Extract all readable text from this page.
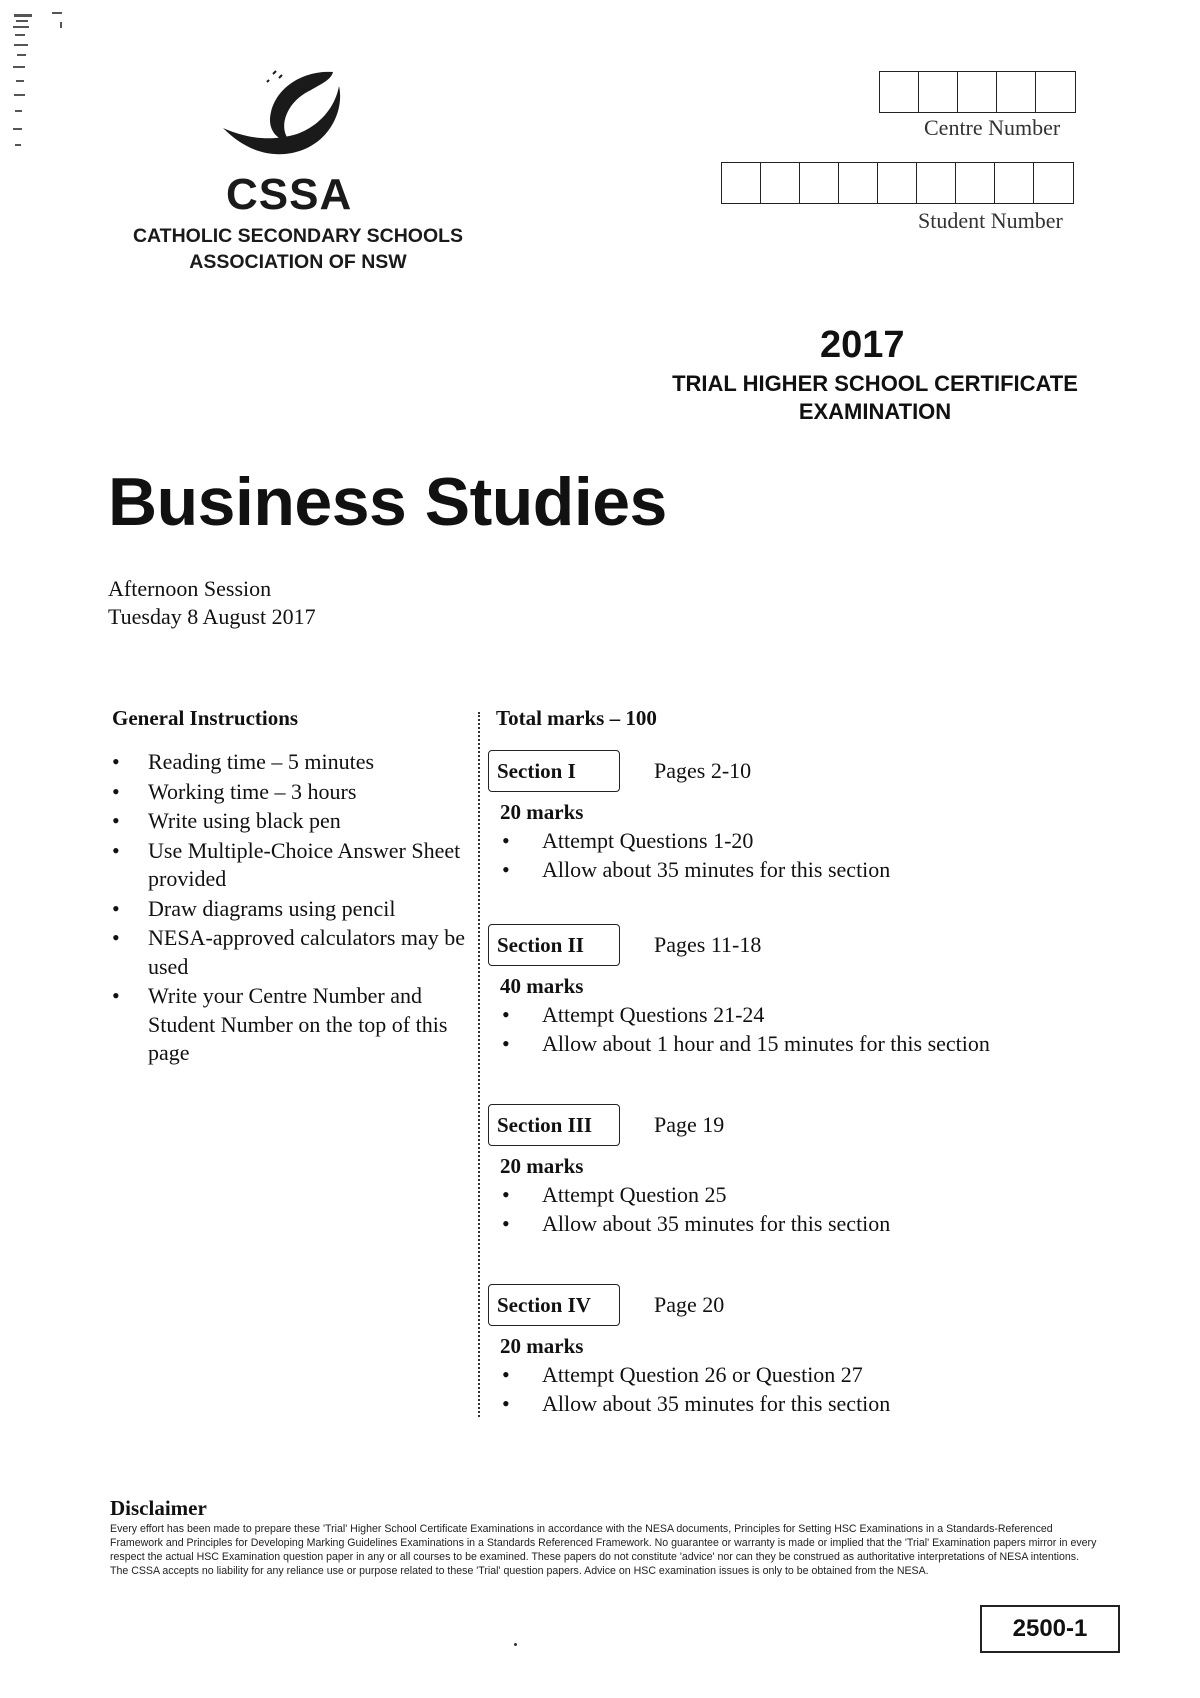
CSSA
CATHOLIC SECONDARY SCHOOLS
ASSOCIATION OF NSW
Centre Number
Student Number
2017
TRIAL HIGHER SCHOOL CERTIFICATE
EXAMINATION
Business Studies
Afternoon Session
Tuesday 8 August 2017
General Instructions
• Reading time – 5 minutes
• Working time – 3 hours
• Write using black pen
• Use Multiple-Choice Answer Sheet provided
• Draw diagrams using pencil
• NESA-approved calculators may be used
• Write your Centre Number and Student Number on the top of this page
Total marks – 100
Section I	Pages 2-10
20 marks
• Attempt Questions 1-20
• Allow about 35 minutes for this section
Section II	Pages 11-18
40 marks
• Attempt Questions 21-24
• Allow about 1 hour and 15 minutes for this section
Section III	Page 19
20 marks
• Attempt Question 25
• Allow about 35 minutes for this section
Section IV	Page 20
20 marks
• Attempt Question 26 or Question 27
• Allow about 35 minutes for this section
Disclaimer
Every effort has been made to prepare these 'Trial' Higher School Certificate Examinations in accordance with the NESA documents, Principles for Setting HSC Examinations in a Standards-Referenced Framework and Principles for Developing Marking Guidelines Examinations in a Standards Referenced Framework. No guarantee or warranty is made or implied that the 'Trial' Examination papers mirror in every respect the actual HSC Examination question paper in any or all courses to be examined. These papers do not constitute 'advice' nor can they be construed as authoritative interpretations of NESA intentions. The CSSA accepts no liability for any reliance use or purpose related to these 'Trial' question papers. Advice on HSC examination issues is only to be obtained from the NESA.
2500-1
